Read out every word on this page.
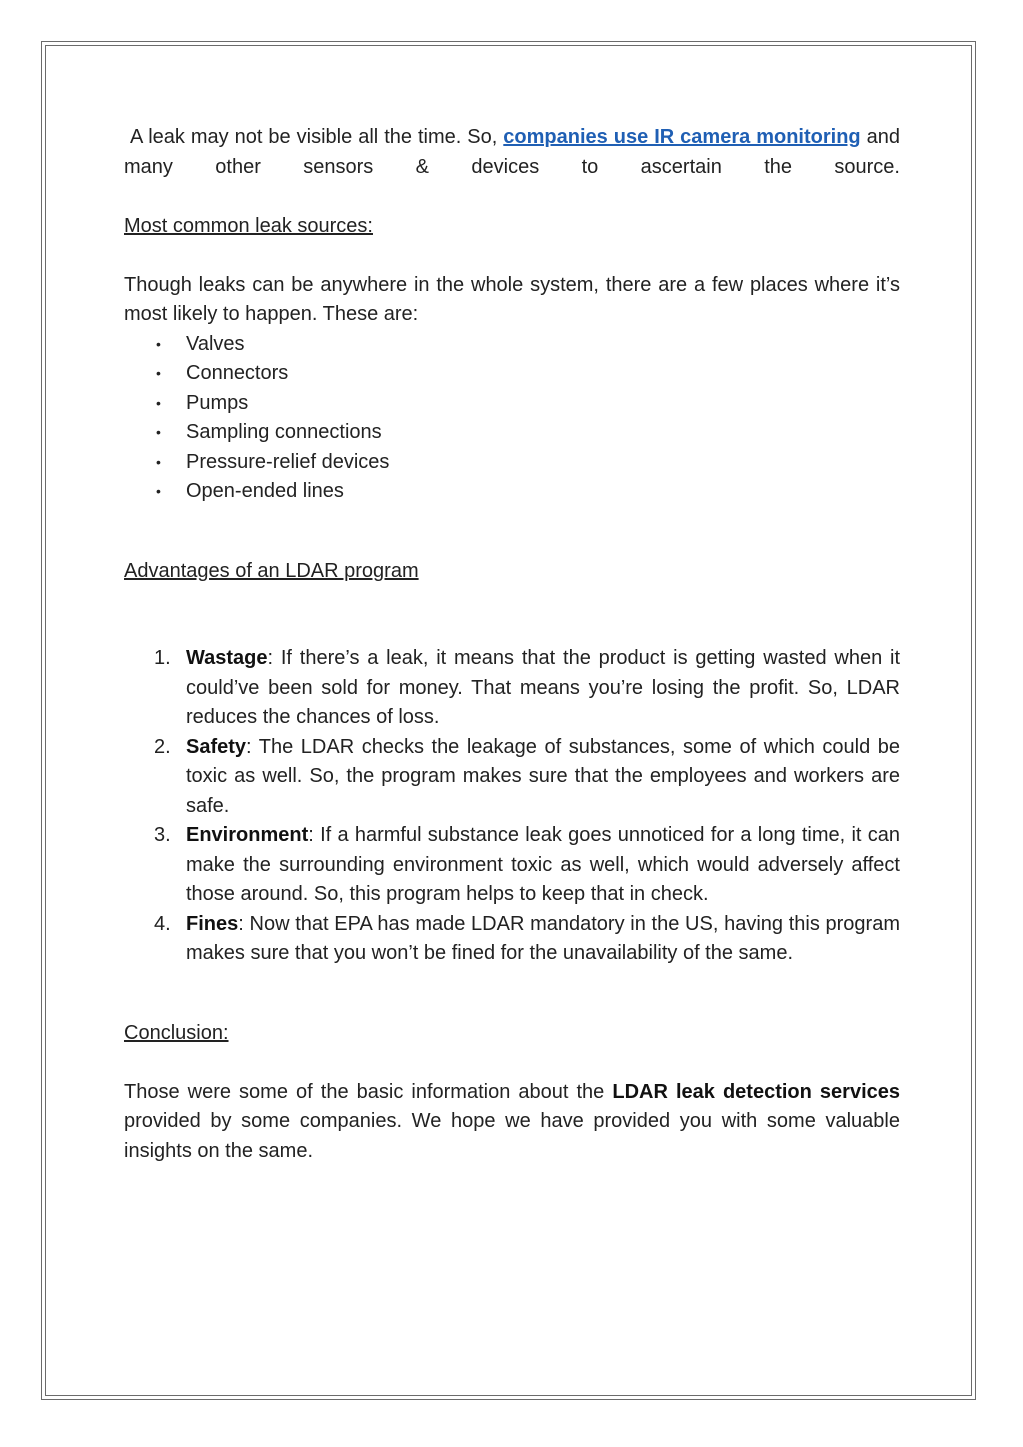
A leak may not be visible all the time. So, companies use IR camera monitoring and many other sensors & devices to ascertain the source.

Most common leak sources:

Though leaks can be anywhere in the whole system, there are a few places where it’s most likely to happen. These are:

• Valves
• Connectors
• Pumps
• Sampling connections
• Pressure-relief devices
• Open-ended lines

Advantages of an LDAR program

1. Wastage: If there’s a leak, it means that the product is getting wasted when it could’ve been sold for money. That means you’re losing the profit. So, LDAR reduces the chances of loss.
2. Safety: The LDAR checks the leakage of substances, some of which could be toxic as well. So, the program makes sure that the employees and workers are safe.
3. Environment: If a harmful substance leak goes unnoticed for a long time, it can make the surrounding environment toxic as well, which would adversely affect those around. So, this program helps to keep that in check.
4. Fines: Now that EPA has made LDAR mandatory in the US, having this program makes sure that you won’t be fined for the unavailability of the same.

Conclusion:

Those were some of the basic information about the LDAR leak detection services provided by some companies. We hope we have provided you with some valuable insights on the same.
